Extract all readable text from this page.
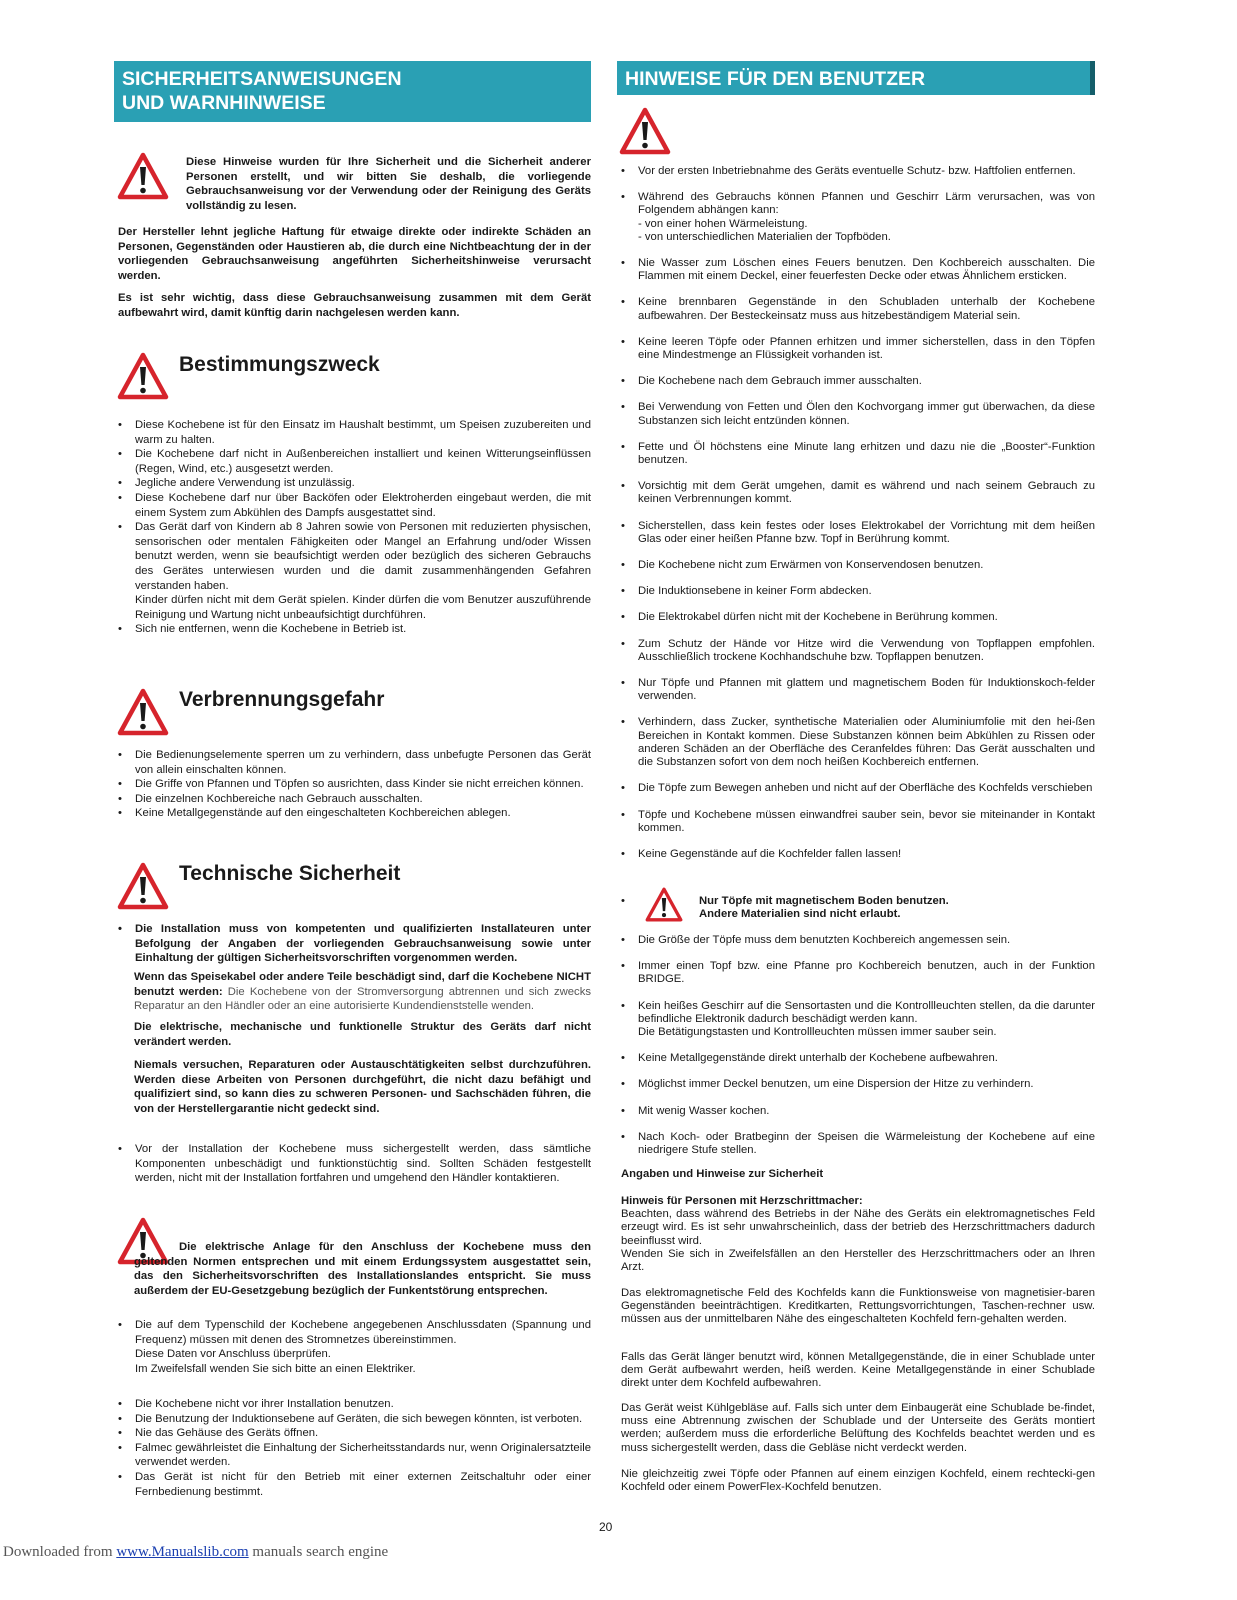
SICHERHEITSANWEISUNGEN
UND WARNHINWEISE
Diese Hinweise wurden für Ihre Sicherheit und die Sicherheit anderer Personen erstellt, und wir bitten Sie deshalb, die vorliegende Gebrauchsanweisung vor der Verwendung oder der Reinigung des Geräts vollständig zu lesen.
Der Hersteller lehnt jegliche Haftung für etwaige direkte oder indirekte Schäden an Personen, Gegenständen oder Haustieren ab, die durch eine Nichtbeachtung der in der vorliegenden Gebrauchsanweisung angeführten Sicherheitshinweise verursacht werden.
Es ist sehr wichtig, dass diese Gebrauchsanweisung zusammen mit dem Gerät aufbewahrt wird, damit künftig darin nachgelesen werden kann.
Bestimmungszweck
• Diese Kochebene ist für den Einsatz im Haushalt bestimmt, um Speisen zuzubereiten und warm zu halten.
• Die Kochebene darf nicht in Außenbereichen installiert und keinen Witterungseinflüssen (Regen, Wind, etc.) ausgesetzt werden.
• Jegliche andere Verwendung ist unzulässig.
• Diese Kochebene darf nur über Backöfen oder Elektroherden eingebaut werden, die mit einem System zum Abkühlen des Dampfs ausgestattet sind.
• Das Gerät darf von Kindern ab 8 Jahren sowie von Personen mit reduzierten physischen, sensorischen oder mentalen Fähigkeiten oder Mangel an Erfahrung und/oder Wissen benutzt werden, wenn sie beaufsichtigt werden oder bezüglich des sicheren Gebrauchs des Gerätes unterwiesen wurden und die damit zusammenhängenden Gefahren verstanden haben.
Kinder dürfen nicht mit dem Gerät spielen. Kinder dürfen die vom Benutzer auszuführende Reinigung und Wartung nicht unbeaufsichtigt durchführen.
• Sich nie entfernen, wenn die Kochebene in Betrieb ist.
Verbrennungsgefahr
• Die Bedienungselemente sperren um zu verhindern, dass unbefugte Personen das Gerät von allein einschalten können.
• Die Griffe von Pfannen und Töpfen so ausrichten, dass Kinder sie nicht erreichen können.
• Die einzelnen Kochbereiche nach Gebrauch ausschalten.
• Keine Metallgegenstände auf den eingeschalteten Kochbereichen ablegen.
Technische Sicherheit
• Die Installation muss von kompetenten und qualifizierten Installateuren unter Befolgung der Angaben der vorliegenden Gebrauchsanweisung sowie unter Einhaltung der gültigen Sicherheitsvorschriften vorgenommen werden.
Wenn das Speisekabel oder andere Teile beschädigt sind, darf die Kochebene NICHT benutzt werden: Die Kochebene von der Stromversorgung abtrennen und sich zwecks Reparatur an den Händler oder an eine autorisierte Kundendienststelle wenden.
Die elektrische, mechanische und funktionelle Struktur des Geräts darf nicht verändert werden.
Niemals versuchen, Reparaturen oder Austauschtätigkeiten selbst durchzuführen. Werden diese Arbeiten von Personen durchgeführt, die nicht dazu befähigt und qualifiziert sind, so kann dies zu schweren Personen- und Sachschäden führen, die von der Herstellergarantie nicht gedeckt sind.
• Vor der Installation der Kochebene muss sichergestellt werden, dass sämtliche Komponenten unbeschädigt und funktionstüchtig sind. Sollten Schäden festgestellt werden, nicht mit der Installation fortfahren und umgehend den Händler kontaktieren.
Die elektrische Anlage für den Anschluss der Kochebene muss den geltenden Normen entsprechen und mit einem Erdungssystem ausgestattet sein, das den Sicherheitsvorschriften des Installationslandes entspricht. Sie muss außerdem der EU-Gesetzgebung bezüglich der Funkentstörung entsprechen.
• Die auf dem Typenschild der Kochebene angegebenen Anschlussdaten (Spannung und Frequenz) müssen mit denen des Stromnetzes übereinstimmen.
Diese Daten vor Anschluss überprüfen.
Im Zweifelsfall wenden Sie sich bitte an einen Elektriker.
• Die Kochebene nicht vor ihrer Installation benutzen.
• Die Benutzung der Induktionsebene auf Geräten, die sich bewegen könnten, ist verboten.
• Nie das Gehäuse des Geräts öffnen.
• Falmec gewährleistet die Einhaltung der Sicherheitsstandards nur, wenn Originalersatzteile verwendet werden.
• Das Gerät ist nicht für den Betrieb mit einer externen Zeitschaltuhr oder einer Fernbedienung bestimmt.
HINWEISE FÜR DEN BENUTZER
• Vor der ersten Inbetriebnahme des Geräts eventuelle Schutz- bzw. Haftfolien entfernen.
• Während des Gebrauchs können Pfannen und Geschirr Lärm verursachen, was von Folgendem abhängen kann:
- von einer hohen Wärmeleistung.
- von unterschiedlichen Materialien der Topfböden.
• Nie Wasser zum Löschen eines Feuers benutzen. Den Kochbereich ausschalten. Die Flammen mit einem Deckel, einer feuerfesten Decke oder etwas Ähnlichem ersticken.
• Keine brennbaren Gegenstände in den Schubladen unterhalb der Kochebene aufbewahren. Der Besteckeinsatz muss aus hitzebeständigem Material sein.
• Keine leeren Töpfe oder Pfannen erhitzen und immer sicherstellen, dass in den Töpfen eine Mindestmenge an Flüssigkeit vorhanden ist.
• Die Kochebene nach dem Gebrauch immer ausschalten.
• Bei Verwendung von Fetten und Ölen den Kochvorgang immer gut überwachen, da diese Substanzen sich leicht entzünden können.
• Fette und Öl höchstens eine Minute lang erhitzen und dazu nie die „Booster“-Funktion benutzen.
• Vorsichtig mit dem Gerät umgehen, damit es während und nach seinem Gebrauch zu keinen Verbrennungen kommt.
• Sicherstellen, dass kein festes oder loses Elektrokabel der Vorrichtung mit dem heißen Glas oder einer heißen Pfanne bzw. Topf in Berührung kommt.
• Die Kochebene nicht zum Erwärmen von Konservendosen benutzen.
• Die Induktionsebene in keiner Form abdecken.
• Die Elektrokabel dürfen nicht mit der Kochebene in Berührung kommen.
• Zum Schutz der Hände vor Hitze wird die Verwendung von Topflappen empfohlen. Ausschließlich trockene Kochhandschuhe bzw. Topflappen benutzen.
• Nur Töpfe und Pfannen mit glattem und magnetischem Boden für Induktionskoch-felder verwenden.
• Verhindern, dass Zucker, synthetische Materialien oder Aluminiumfolie mit den hei-ßen Bereichen in Kontakt kommen. Diese Substanzen können beim Abkühlen zu Rissen oder anderen Schäden an der Oberfläche des Ceranfeldes führen: Das Gerät ausschalten und die Substanzen sofort von dem noch heißen Kochbereich entfernen.
• Die Töpfe zum Bewegen anheben und nicht auf der Oberfläche des Kochfelds verschieben
• Töpfe und Kochebene müssen einwandfrei sauber sein, bevor sie miteinander in Kontakt kommen.
• Keine Gegenstände auf die Kochfelder fallen lassen!
•	Nur Töpfe mit magnetischem Boden benutzen.
Andere Materialien sind nicht erlaubt.
• Die Größe der Töpfe muss dem benutzten Kochbereich angemessen sein.
• Immer einen Topf bzw. eine Pfanne pro Kochbereich benutzen, auch in der Funktion BRIDGE.
• Kein heißes Geschirr auf die Sensortasten und die Kontrollleuchten stellen, da die darunter befindliche Elektronik dadurch beschädigt werden kann.
Die Betätigungstasten und Kontrollleuchten müssen immer sauber sein.
• Keine Metallgegenstände direkt unterhalb der Kochebene aufbewahren.
• Möglichst immer Deckel benutzen, um eine Dispersion der Hitze zu verhindern.
• Mit wenig Wasser kochen.
• Nach Koch- oder Bratbeginn der Speisen die Wärmeleistung der Kochebene auf eine niedrigere Stufe stellen.
Angaben und Hinweise zur Sicherheit
Hinweis für Personen mit Herzschrittmacher:
Beachten, dass während des Betriebs in der Nähe des Geräts ein elektromagnetisches Feld erzeugt wird. Es ist sehr unwahrscheinlich, dass der betrieb des Herzschrittmachers dadurch beeinflusst wird.
Wenden Sie sich in Zweifelsfällen an den Hersteller des Herzschrittmachers oder an Ihren Arzt.
Das elektromagnetische Feld des Kochfelds kann die Funktionsweise von magnetisier-baren Gegenständen beeinträchtigen. Kreditkarten, Rettungsvorrichtungen, Taschen-rechner usw. müssen aus der unmittelbaren Nähe des eingeschalteten Kochfeld fern-gehalten werden.
Falls das Gerät länger benutzt wird, können Metallgegenstände, die in einer Schublade unter dem Gerät aufbewahrt werden, heiß werden. Keine Metallgegenstände in einer Schublade direkt unter dem Kochfeld aufbewahren.
Das Gerät weist Kühlgebläse auf. Falls sich unter dem Einbaugerät eine Schublade be-findet, muss eine Abtrennung zwischen der Schublade und der Unterseite des Geräts montiert werden; außerdem muss die erforderliche Belüftung des Kochfelds beachtet werden und es muss sichergestellt werden, dass die Gebläse nicht verdeckt werden.
Nie gleichzeitig zwei Töpfe oder Pfannen auf einem einzigen Kochfeld, einem rechtecki-gen Kochfeld oder einem PowerFlex-Kochfeld benutzen.
20
Downloaded from www.Manualslib.com manuals search engine
